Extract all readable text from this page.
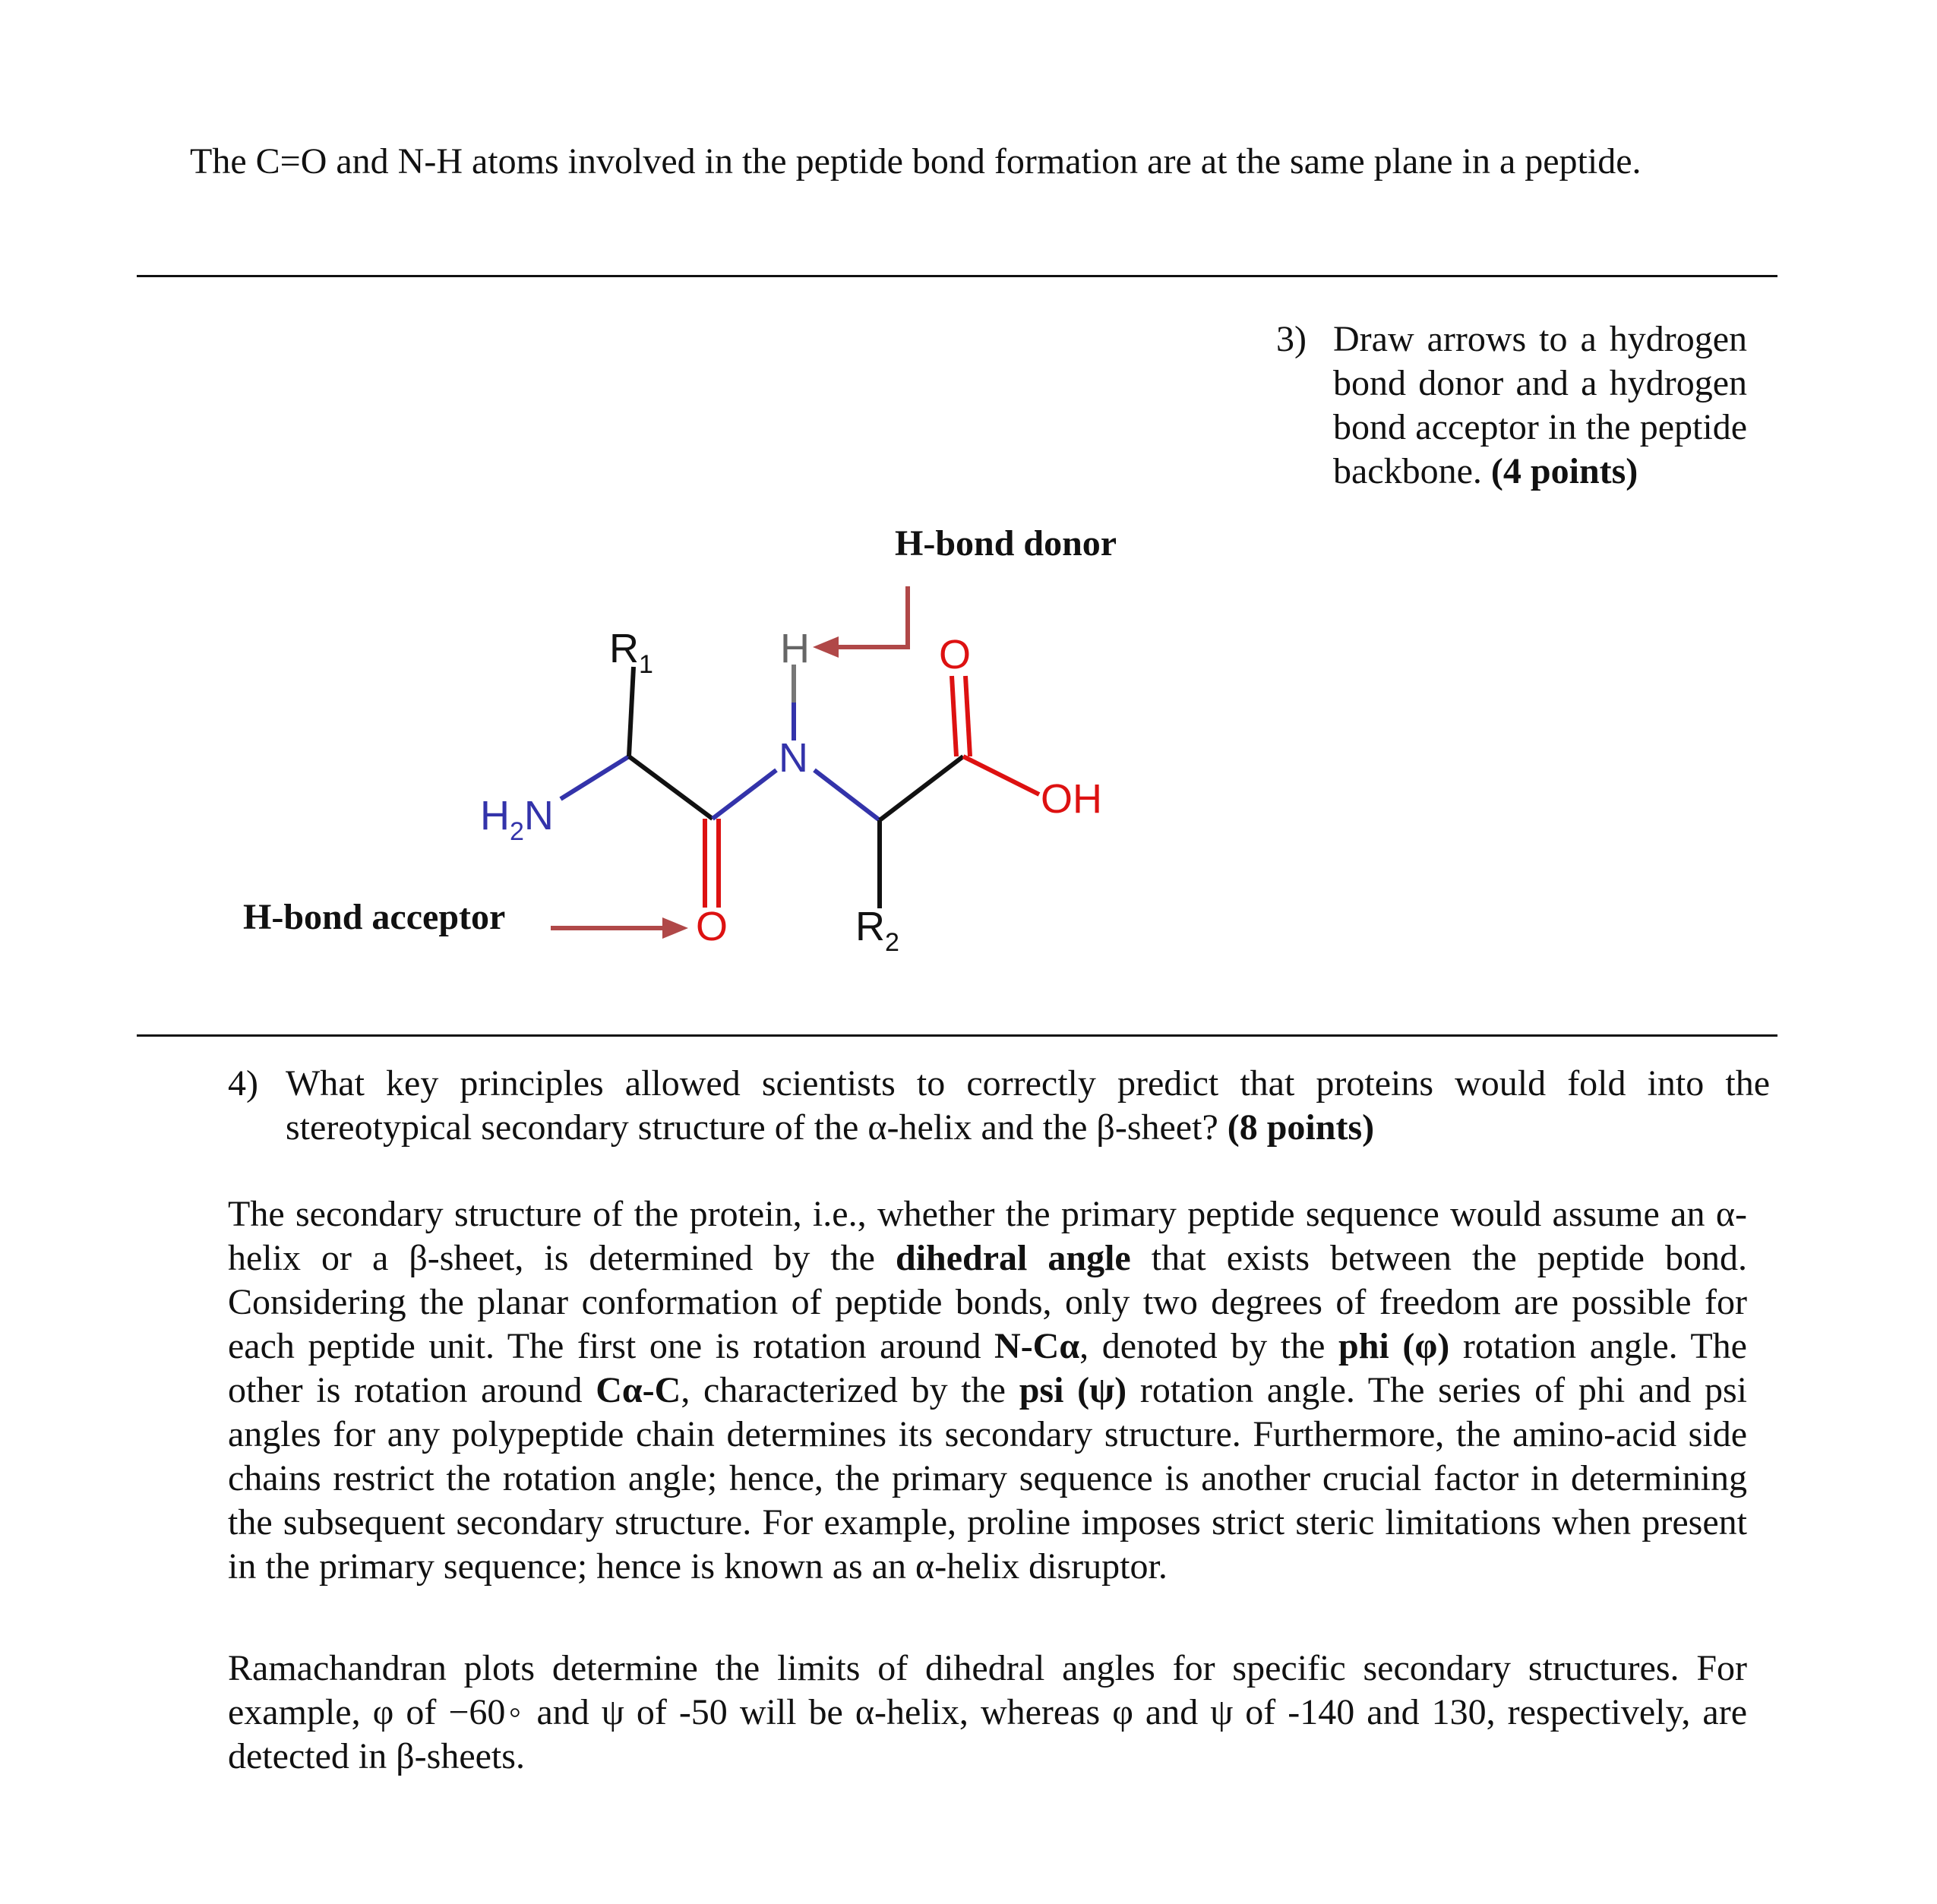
The C=O and N-H atoms involved in the peptide bond formation are at the same plane in a peptide.
3) Draw arrows to a hydrogen bond donor and a hydrogen bond acceptor in the peptide backbone. (4 points)
$R_1$
$H_2N$
H
N
O
OH
O	$R_2$
H-bond donor
H-bond acceptor
4) What key principles allowed scientists to correctly predict that proteins would fold into the stereotypical secondary structure of the α-helix and the β-sheet? (8 points)
The secondary structure of the protein, i.e., whether the primary peptide sequence would assume an α-helix or a β-sheet, is determined by the dihedral angle that exists between the peptide bond. Considering the planar conformation of peptide bonds, only two degrees of freedom are possible for each peptide unit. The first one is rotation around N-Cα, denoted by the phi (φ) rotation angle. The other is rotation around Cα-C, characterized by the psi (ψ) rotation angle. The series of phi and psi angles for any polypeptide chain determines its secondary structure. Furthermore, the amino-acid side chains restrict the rotation angle; hence, the primary sequence is another crucial factor in determining the subsequent secondary structure. For example, proline imposes strict steric limitations when present in the primary sequence; hence is known as an α-helix disruptor.
Ramachandran plots determine the limits of dihedral angles for specific secondary structures. For example, φ of −60◦ and ψ of -50 will be α-helix, whereas φ and ψ of -140 and 130, respectively, are detected in β-sheets.
